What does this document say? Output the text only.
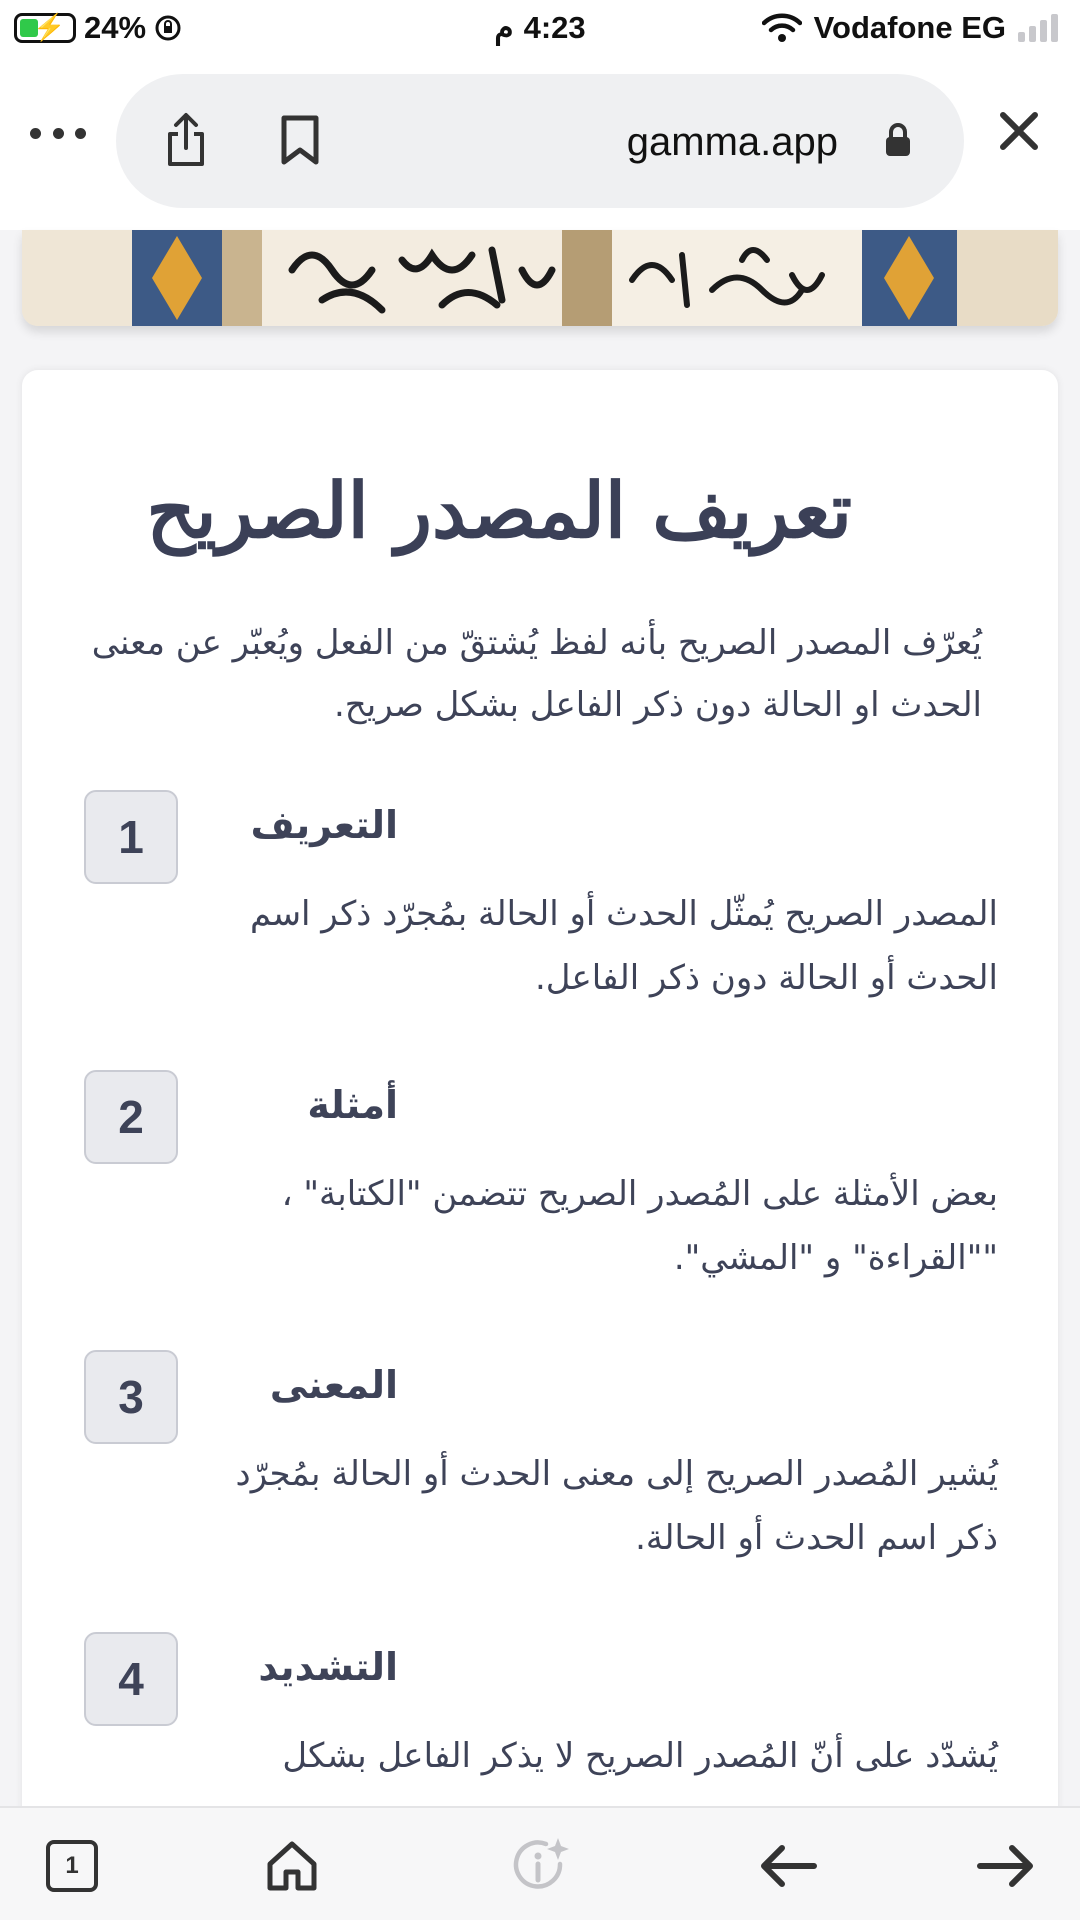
⚡ 24%	م 4:23	Vodafone EG
gamma.app
تعريف المصدر الصريح

يُعرّف المصدر الصريح بأنه لفظ يُشتقّ من الفعل ويُعبّر عن معنى الحدث او الحالة دون ذكر الفاعل بشكل صريح.

1	التعريف
المصدر الصريح يُمثّل الحدث أو الحالة بمُجرّد ذكر اسم الحدث أو الحالة دون ذكر الفاعل.
2	أمثلة
بعض الأمثلة على المُصدر الصريح تتضمن "الكتابة" ، ""القراءة" و "المشي".
3	المعنى
يُشير المُصدر الصريح إلى معنى الحدث أو الحالة بمُجرّد ذكر اسم الحدث أو الحالة.
4	التشديد
يُشدّد على أنّ المُصدر الصريح لا يذكر الفاعل بشكل
1
